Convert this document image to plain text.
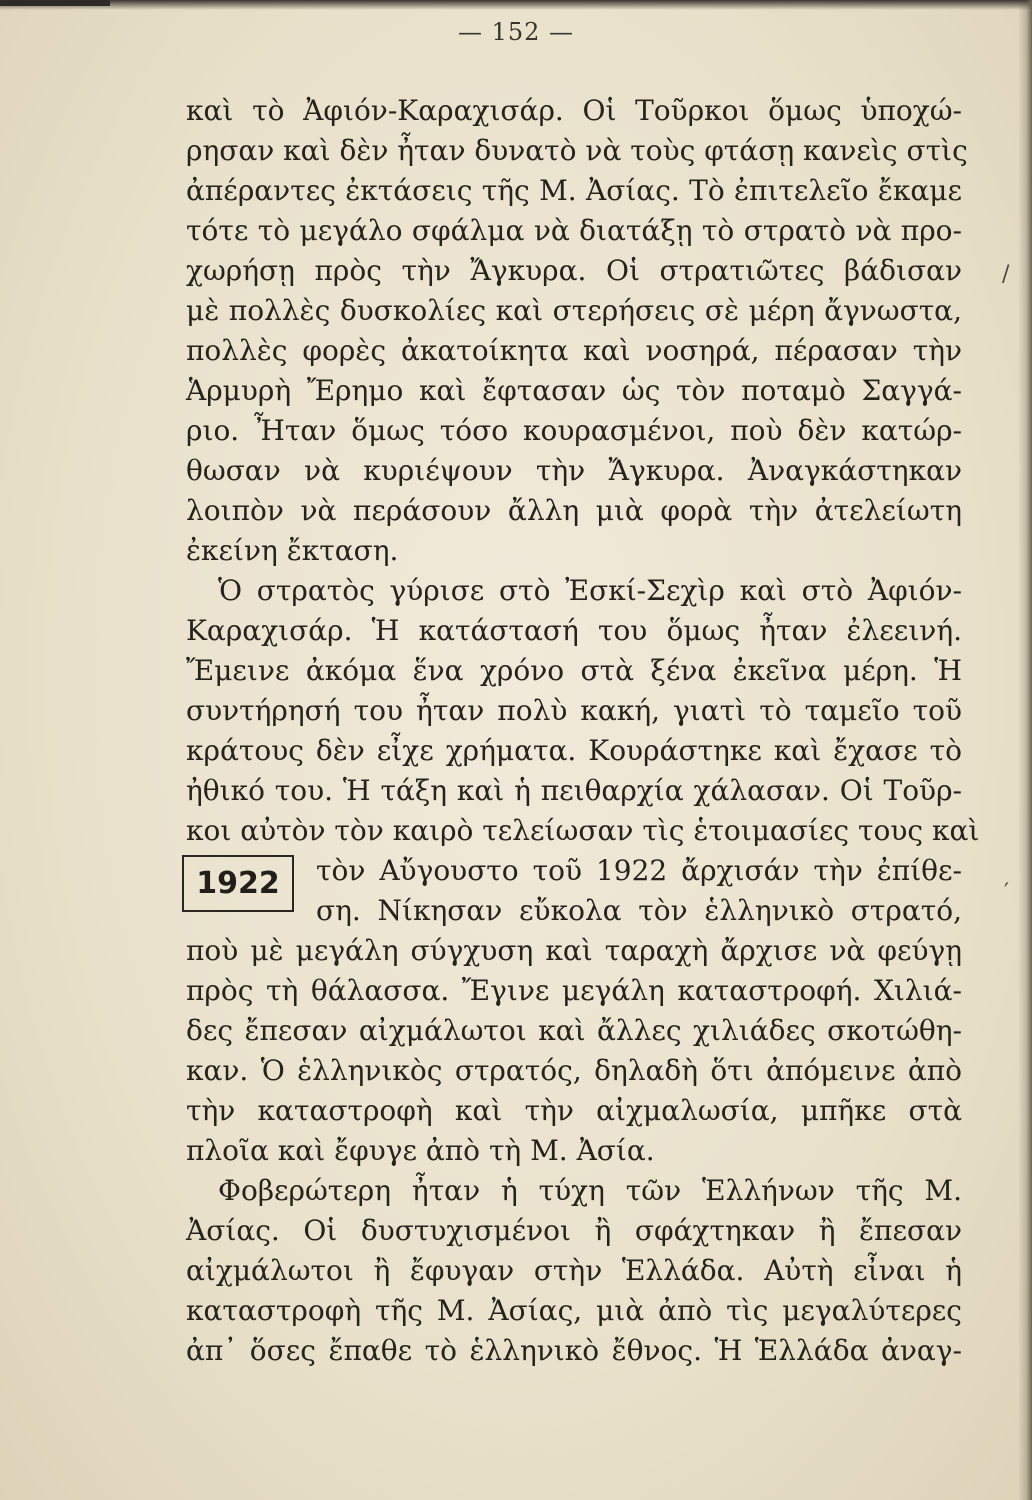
— 152 —
καὶ τὸ Ἀφιόν-Καραχισάρ. Οἱ Τοῦρκοι ὅμως ὑποχώ-
ρησαν καὶ δὲν ἦταν δυνατὸ νὰ τοὺς φτάσῃ κανεὶς στὶς
ἀπέραντες ἐκτάσεις τῆς Μ. Ἀσίας. Τὸ ἐπιτελεῖο ἔκαμε
τότε τὸ μεγάλο σφάλμα νὰ διατάξῃ τὸ στρατὸ νὰ προ-
χωρήσῃ πρὸς τὴν Ἄγκυρα. Οἱ στρατιῶτες βάδισαν
μὲ πολλὲς δυσκολίες καὶ στερήσεις σὲ μέρη ἄγνωστα,
πολλὲς φορὲς ἀκατοίκητα καὶ νοσηρά, πέρασαν τὴν
Ἁρμυρὴ Ἔρημο καὶ ἔφτασαν ὡς τὸν ποταμὸ Σαγγά-
ριο. Ἦταν ὅμως τόσο κουρασμένοι, ποὺ δὲν κατώρ-
θωσαν νὰ κυριέψουν τὴν Ἄγκυρα. Ἀναγκάστηκαν
λοιπὸν νὰ περάσουν ἄλλη μιὰ φορὰ τὴν ἀτελείωτη
ἐκείνη ἔκταση.
Ὁ στρατὸς γύρισε στὸ Ἐσκί-Σεχὶρ καὶ στὸ Ἀφιόν-
Καραχισάρ. Ἡ κατάστασή του ὅμως ἦταν ἐλεεινή.
Ἔμεινε ἀκόμα ἕνα χρόνο στὰ ξένα ἐκεῖνα μέρη. Ἡ
συντήρησή του ἦταν πολὺ κακή, γιατὶ τὸ ταμεῖο τοῦ
κράτους δὲν εἶχε χρήματα. Κουράστηκε καὶ ἔχασε τὸ
ἠθικό του. Ἡ τάξη καὶ ἡ πειθαρχία χάλασαν. Οἱ Τοῦρ-
κοι αὐτὸν τὸν καιρὸ τελείωσαν τὶς ἑτοιμασίες τους καὶ
1922	τὸν Αὔγουστο τοῦ 1922 ἄρχισάν τὴν ἐπίθε-
ση. Νίκησαν εὔκολα τὸν ἑλληνικὸ στρατό,
ποὺ μὲ μεγάλη σύγχυση καὶ ταραχὴ ἄρχισε νὰ φεύγῃ
πρὸς τὴ θάλασσα. Ἔγινε μεγάλη καταστροφή. Χιλιά-
δες ἔπεσαν αἰχμάλωτοι καὶ ἄλλες χιλιάδες σκοτώθη-
καν. Ὁ ἑλληνικὸς στρατός, δηλαδὴ ὅτι ἀπόμεινε ἀπὸ
τὴν καταστροφὴ καὶ τὴν αἰχμαλωσία, μπῆκε στὰ
πλοῖα καὶ ἔφυγε ἀπὸ τὴ Μ. Ἀσία.
Φοβερώτερη ἦταν ἡ τύχη τῶν Ἑλλήνων τῆς Μ.
Ἀσίας. Οἱ δυστυχισμένοι ἢ σφάχτηκαν ἢ ἔπεσαν
αἰχμάλωτοι ἢ ἔφυγαν στὴν Ἑλλάδα. Αὐτὴ εἶναι ἡ
καταστροφὴ τῆς Μ. Ἀσίας, μιὰ ἀπὸ τὶς μεγαλύτερες
ἀπ᾽ ὅσες ἔπαθε τὸ ἑλληνικὸ ἔθνος. Ἡ Ἑλλάδα ἀναγ-
/
′
